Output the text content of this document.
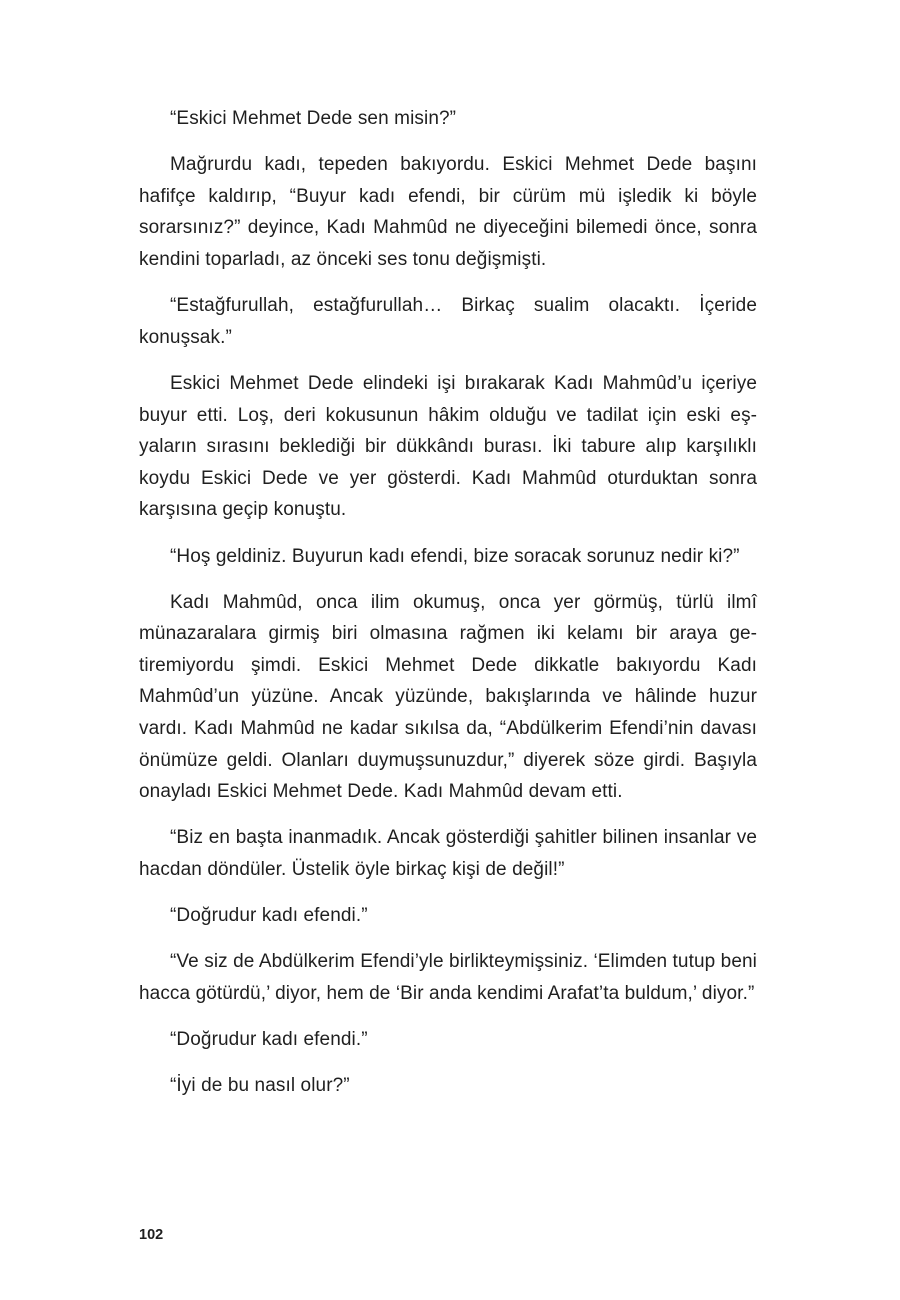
“Eskici Mehmet Dede sen misin?”

Mağrurdu kadı, tepeden bakıyordu. Eskici Mehmet Dede başını hafifçe kaldırıp, “Buyur kadı efendi, bir cürüm mü işledik ki böyle sorarsınız?” deyince, Kadı Mahmûd ne diyeceğini bilemedi önce, sonra kendini toparladı, az önceki ses tonu değişmişti.

“Estağfurullah, estağfurullah… Birkaç sualim olacaktı. İçeride konuşsak.”

Eskici Mehmet Dede elindeki işi bırakarak Kadı Mahmûd’u içeriye buyur etti. Loş, deri kokusunun hâkim olduğu ve tadilat için eski eşyaların sırasını beklediği bir dükkândı burası. İki tabure alıp karşılıklı koydu Eskici Dede ve yer gösterdi. Kadı Mahmûd oturduktan sonra karşısına geçip konuştu.

“Hoş geldiniz. Buyurun kadı efendi, bize soracak sorunuz nedir ki?”

Kadı Mahmûd, onca ilim okumuş, onca yer görmüş, türlü ilmî münazaralara girmiş biri olmasına rağmen iki kelamı bir araya getiremiyordu şimdi. Eskici Mehmet Dede dikkatle bakıyordu Kadı Mahmûd’un yüzüne. Ancak yüzünde, bakışlarında ve hâlinde huzur vardı. Kadı Mahmûd ne kadar sıkılsa da, “Abdülkerim Efendi’nin davası önümüze geldi. Olanları duymuşsunuzdur,” diyerek söze girdi. Başıyla onayladı Eskici Mehmet Dede. Kadı Mahmûd devam etti.

“Biz en başta inanmadık. Ancak gösterdiği şahitler bilinen insanlar ve hacdan döndüler. Üstelik öyle birkaç kişi de değil!”

“Doğrudur kadı efendi.”

“Ve siz de Abdülkerim Efendi’yle birlikteymişsiniz. ‘Elimden tutup beni hacca götürdü,’ diyor, hem de ‘Bir anda kendimi Arafat’ta buldum,’ diyor.”

“Doğrudur kadı efendi.”

“İyi de bu nasıl olur?”

102
